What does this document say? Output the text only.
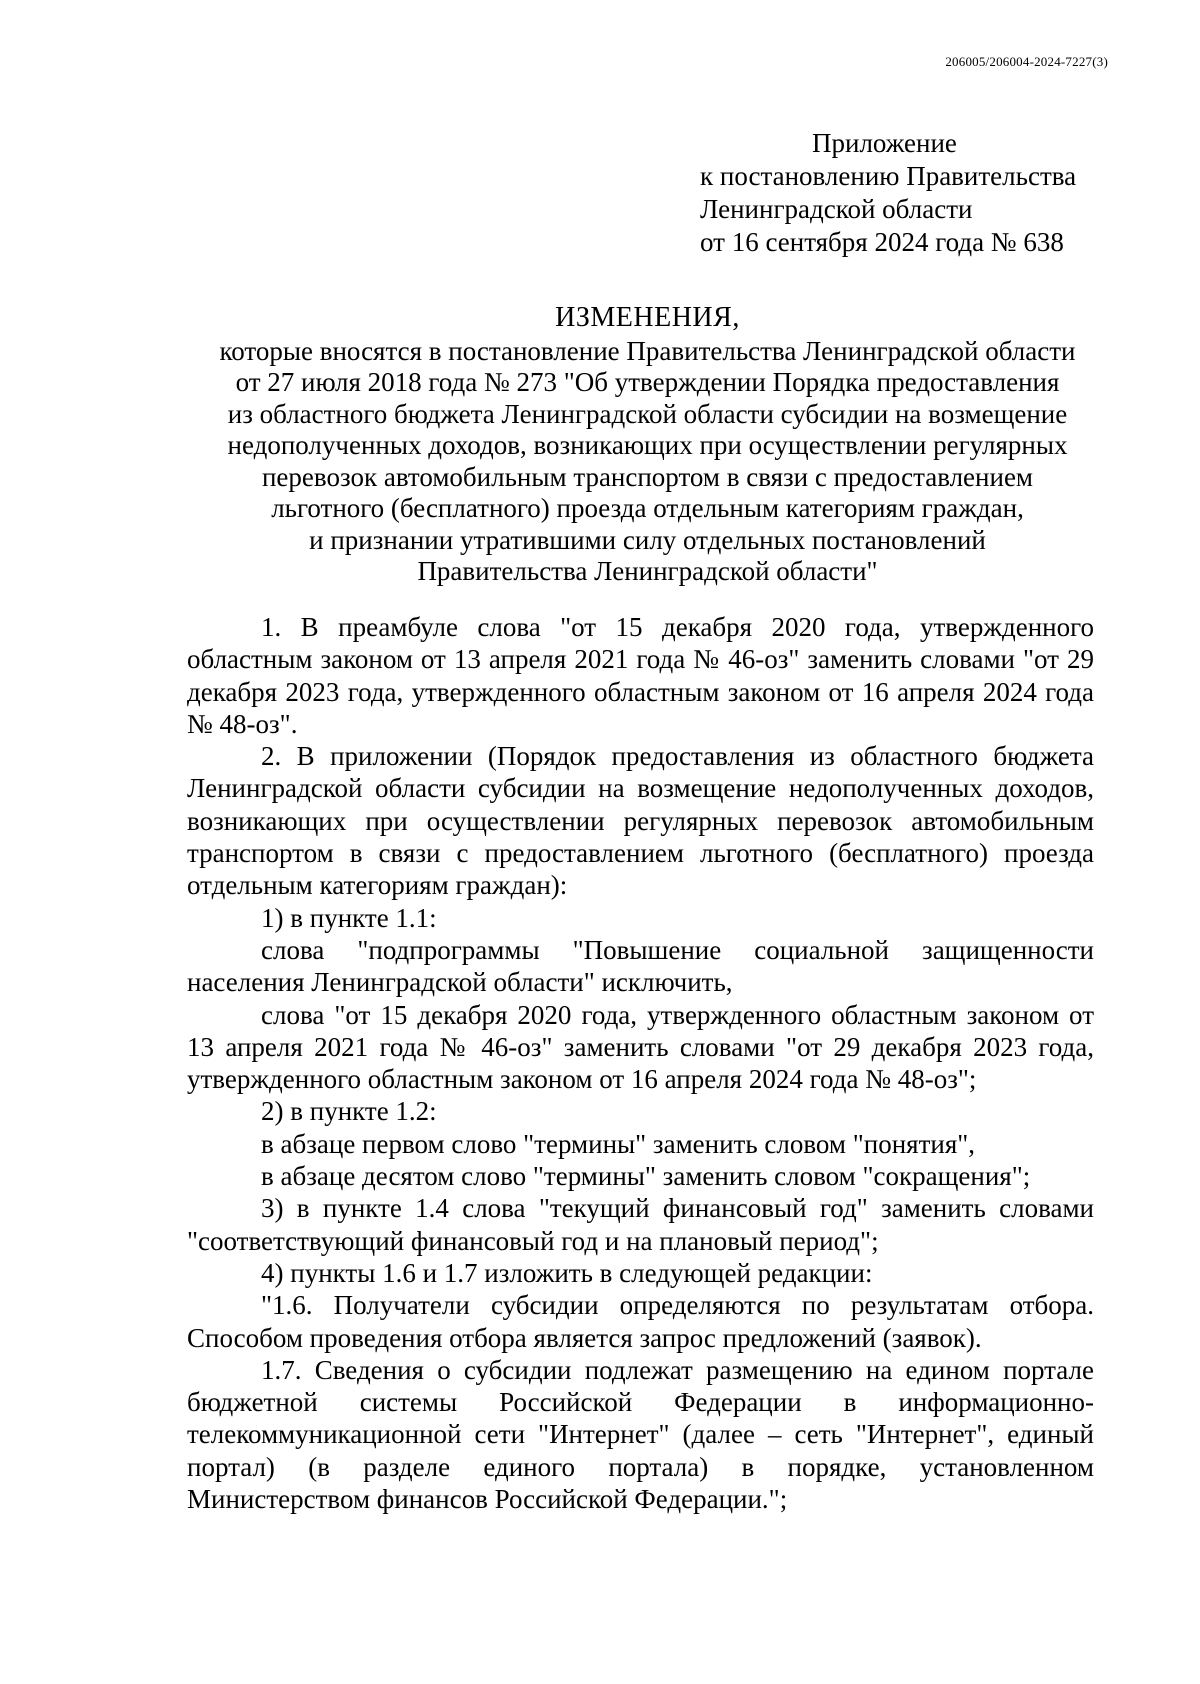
206005/206004-2024-7227(3)
Приложение
к постановлению Правительства
Ленинградской области
от 16 сентября 2024 года № 638
ИЗМЕНЕНИЯ,
которые вносятся в постановление Правительства Ленинградской области
от 27 июля 2018 года № 273 "Об утверждении Порядка предоставления
из областного бюджета Ленинградской области субсидии на возмещение
недополученных доходов, возникающих при осуществлении регулярных
перевозок автомобильным транспортом в связи с предоставлением
льготного (бесплатного) проезда отдельным категориям граждан,
и признании утратившими силу отдельных постановлений
Правительства Ленинградской области"

1. В преамбуле слова "от 15 декабря 2020 года, утвержденного областным законом от 13 апреля 2021 года № 46-оз" заменить словами "от 29 декабря 2023 года, утвержденного областным законом от 16 апреля 2024 года № 48-оз".

2. В приложении (Порядок предоставления из областного бюджета Ленинградской области субсидии на возмещение недополученных доходов, возникающих при осуществлении регулярных перевозок автомобильным транспортом в связи с предоставлением льготного (бесплатного) проезда отдельным категориям граждан):

1) в пункте 1.1:

слова "подпрограммы "Повышение социальной защищенности населения Ленинградской области" исключить,

слова "от 15 декабря 2020 года, утвержденного областным законом от 13 апреля 2021 года № 46-оз" заменить словами "от 29 декабря 2023 года, утвержденного областным законом от 16 апреля 2024 года № 48-оз";

2) в пункте 1.2:

в абзаце первом слово "термины" заменить словом "понятия",

в абзаце десятом слово "термины" заменить словом "сокращения";

3) в пункте 1.4 слова "текущий финансовый год" заменить словами "соответствующий финансовый год и на плановый период";

4) пункты 1.6 и 1.7 изложить в следующей редакции:

"1.6. Получатели субсидии определяются по результатам отбора. Способом проведения отбора является запрос предложений (заявок).

1.7. Сведения о субсидии подлежат размещению на едином портале бюджетной системы Российской Федерации в информационно-телекоммуникационной сети "Интернет" (далее – сеть "Интернет", единый портал) (в разделе единого портала) в порядке, установленном Министерством финансов Российской Федерации.";
